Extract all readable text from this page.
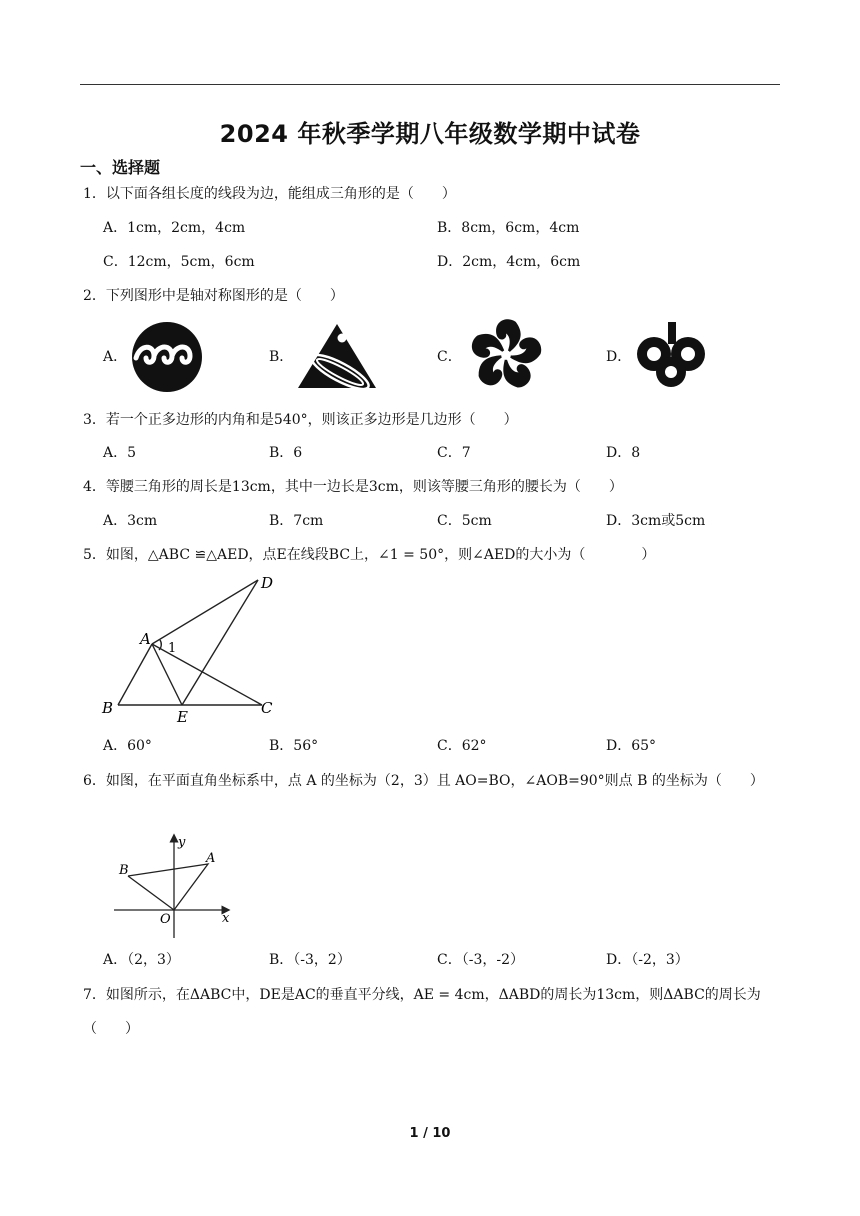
2024 年秋季学期八年级数学期中试卷
一、选择题
1．以下面各组长度的线段为边，能组成三角形的是（　　）
A．1cm，2cm，4cm	B．8cm，6cm，4cm
C．12cm，5cm，6cm	D．2cm，4cm，6cm
2．下列图形中是轴对称图形的是（　　）
A．	B．	C．	D．
3．若一个正多边形的内角和是540°，则该正多边形是几边形（　　）
A．5	B．6	C．7	D．8
4．等腰三角形的周长是13cm，其中一边长是3cm，则该等腰三角形的腰长为（　　）
A．3cm	B．7cm	C．5cm	D．3cm或5cm
5．如图，△ABC ≌△AED，点E在线段BC上，∠1 = 50°，则∠AED的大小为（　　　　）
A
B	C
D
E
1
A．60°	B．56°	C．62°	D．65°
6．如图，在平面直角坐标系中，点 A 的坐标为（2，3）且 AO=BO，∠AOB=90°则点 B 的坐标为（　　）
y
A
B
O	x
A．（2，3）	B．（-3，2）	C．（-3，-2）	D．（-2，3）
7．如图所示，在ΔABC中，DE是AC的垂直平分线，AE = 4cm，ΔABD的周长为13cm，则ΔABC的周长为（　　）
1 / 10
